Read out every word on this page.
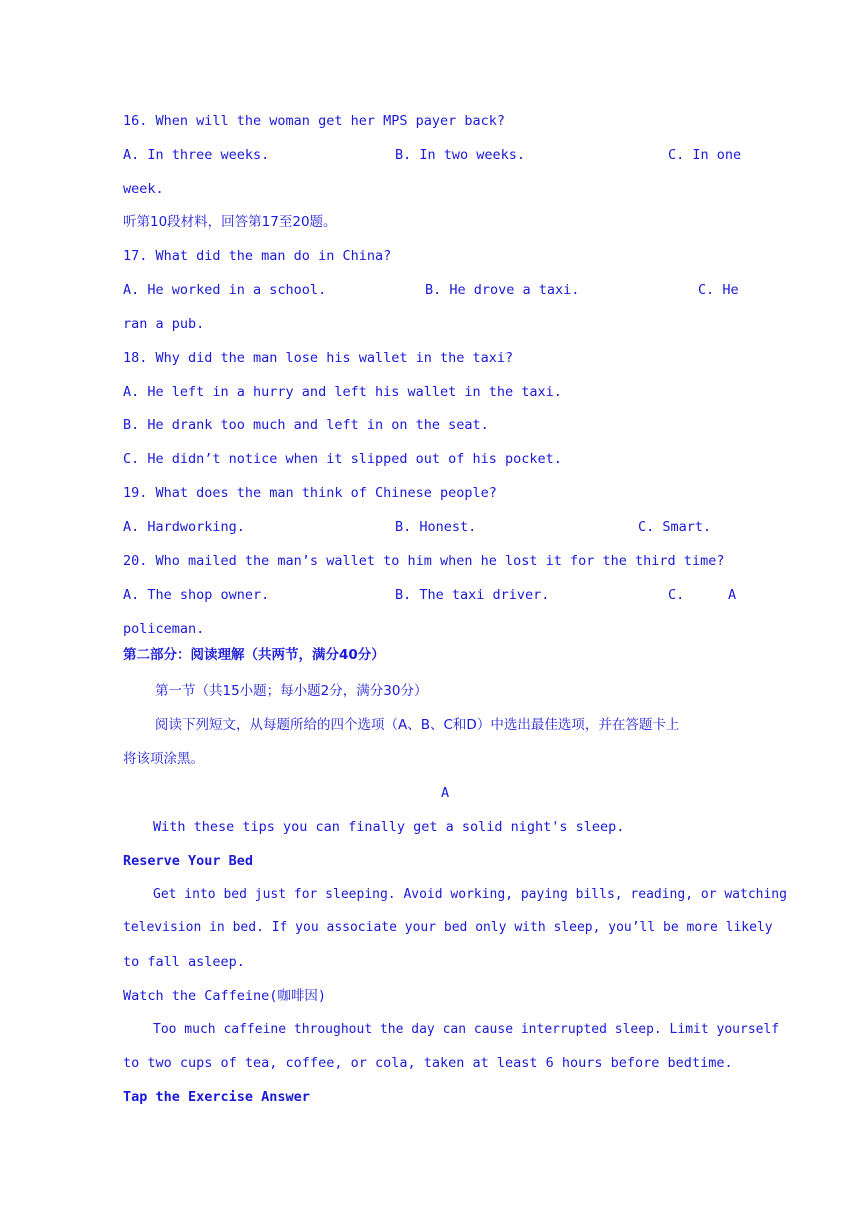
16. When will the woman get her MPS payer back?
A. In three weeks.	B. In two weeks.	C. In one
week.
听第10段材料，回答第17至20题。
17. What did the man do in China?
A. He worked in a school.	B. He drove a taxi.	C. He
ran a pub.
18. Why did the man lose his wallet in the taxi?
A. He left in a hurry and left his wallet in the taxi.
B. He drank too much and left in on the seat.
C. He didn’t notice when it slipped out of his pocket.
19. What does the man think of Chinese people?
A. Hardworking.	B. Honest.	C. Smart.
20. Who mailed the man’s wallet to him when he lost it for the third time?
A. The shop owner.	B. The taxi driver.	C.	A
policeman.
第二部分：阅读理解（共两节，满分40分）
第一节（共15小题；每小题2分，满分30分）
阅读下列短文，从每题所给的四个选项（A、B、C和D）中选出最佳选项，并在答题卡上
将该项涂黑。
A
With these tips you can finally get a solid night's sleep.
Reserve Your Bed
Get into bed just for sleeping. Avoid working, paying bills, reading, or watching
television in bed. If you associate your bed only with sleep, you’ll be more likely
to fall asleep.
Watch the Caffeine(咖啡因)
Too much caffeine throughout the day can cause interrupted sleep. Limit yourself
to two cups of tea, coffee, or cola, taken at least 6 hours before bedtime.
Tap the Exercise Answer
